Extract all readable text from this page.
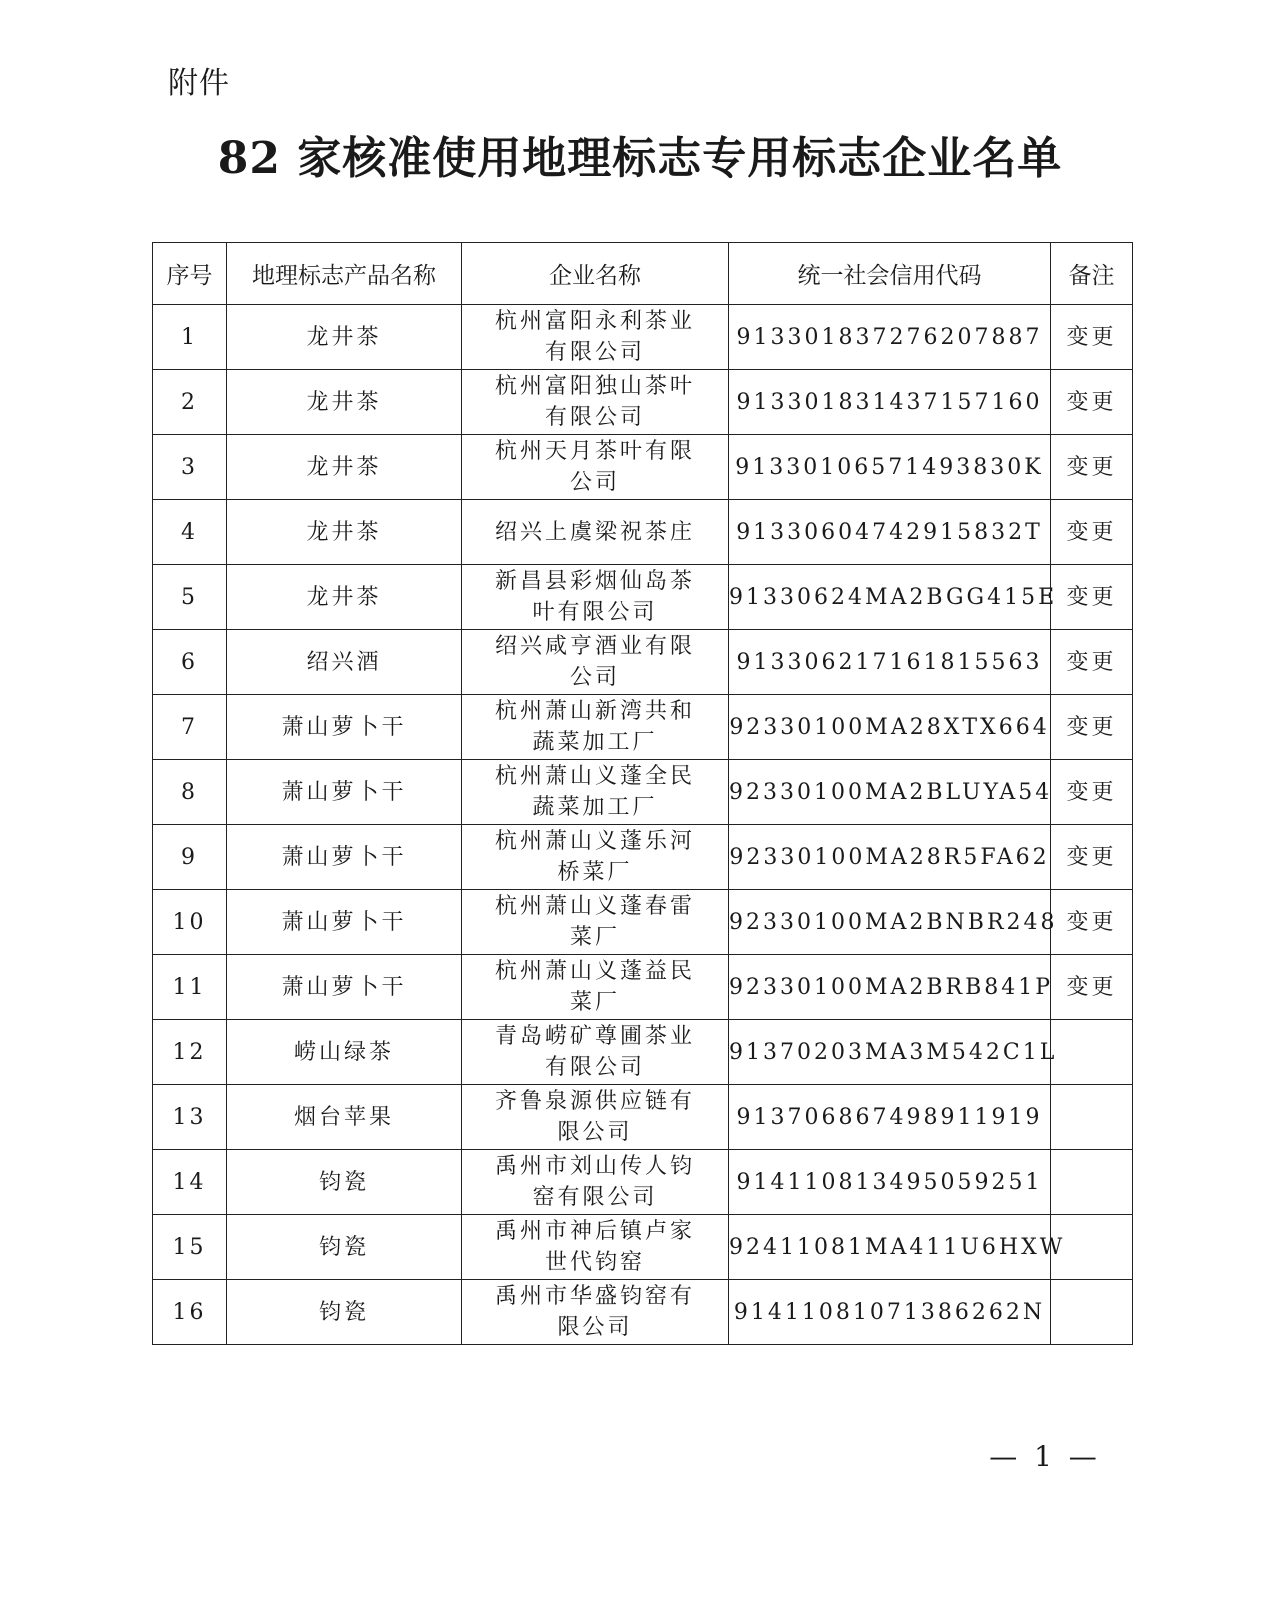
附件
82 家核准使用地理标志专用标志企业名单
序号	地理标志产品名称	企业名称	统一社会信用代码	备注
1	龙井茶	杭州富阳永利茶业有限公司	913301837276207887	变更
2	龙井茶	杭州富阳独山茶叶有限公司	913301831437157160	变更
3	龙井茶	杭州天月茶叶有限公司	91330106571493830K	变更
4	龙井茶	绍兴上虞梁祝茶庄	91330604742915832T	变更
5	龙井茶	新昌县彩烟仙岛茶叶有限公司	91330624MA2BGG415E	变更
6	绍兴酒	绍兴咸亨酒业有限公司	913306217161815563	变更
7	萧山萝卜干	杭州萧山新湾共和蔬菜加工厂	92330100MA28XTX664	变更
8	萧山萝卜干	杭州萧山义蓬全民蔬菜加工厂	92330100MA2BLUYA54	变更
9	萧山萝卜干	杭州萧山义蓬乐河桥菜厂	92330100MA28R5FA62	变更
10	萧山萝卜干	杭州萧山义蓬春雷菜厂	92330100MA2BNBR248	变更
11	萧山萝卜干	杭州萧山义蓬益民菜厂	92330100MA2BRB841P	变更
12	崂山绿茶	青岛崂矿尊圃茶业有限公司	91370203MA3M542C1L	
13	烟台苹果	齐鲁泉源供应链有限公司	913706867498911919	
14	钧瓷	禹州市刘山传人钧窑有限公司	914110813495059251	
15	钧瓷	禹州市神后镇卢家世代钧窑	92411081MA411U6HXW	
16	钧瓷	禹州市华盛钧窑有限公司	91411081071386262N	
— 1 —
